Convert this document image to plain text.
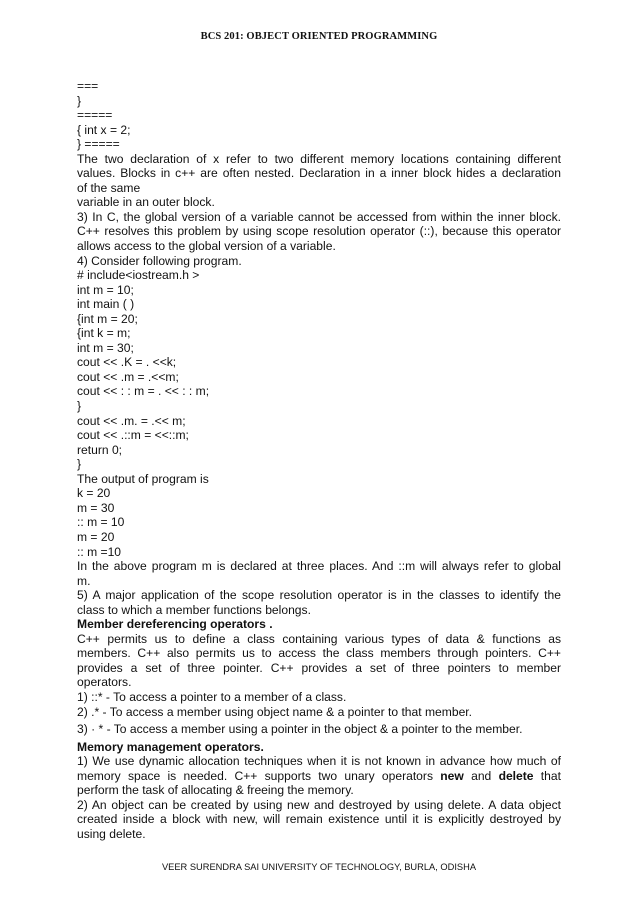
BCS 201: OBJECT ORIENTED PROGRAMMING
===
}
=====
{ int x = 2;
} =====
The two declaration of x refer to two different memory locations containing different
values. Blocks in c++ are often nested. Declaration in a inner block hides a declaration
of the same
variable in an outer block.
3) In C, the global version of a variable cannot be accessed from within the inner block.
C++ resolves this problem by using scope resolution operator (::), because this operator
allows access to the global version of a variable.
4) Consider following program.
# include<iostream.h >
int m = 10;
int main ( )
{int m = 20;
{int k = m;
int m = 30;
cout << .K = . <<k;
cout << .m = .<<m;
cout << : : m = . << : : m;
}
cout << .m. = .<< m;
cout << .::m = <<::m;
return 0;
}
The output of program is
k = 20
m = 30
:: m = 10
m = 20
:: m =10
In the above program m is declared at three places. And ::m will always refer to global
m.
5) A major application of the scope resolution operator is in the classes to identify the
class to which a member functions belongs.
Member dereferencing operators .
C++ permits us to define a class containing various types of data & functions as
members. C++ also permits us to access the class members through pointers. C++
provides a set of three pointer. C++ provides a set of three pointers to member
operators.
1) ::* - To access a pointer to a member of a class.
2) .* - To access a member using object name & a pointer to that member.
3) · * - To access a member using a pointer in the object & a pointer to the member.
Memory management operators.
1) We use dynamic allocation techniques when it is not known in advance how much of
memory space is needed. C++ supports two unary operators new and delete that
perform the task of allocating & freeing the memory.
2) An object can be created by using new and destroyed by using delete. A data object
created inside a block with new, will remain existence until it is explicitly destroyed by
using delete.
VEER SURENDRA SAI UNIVERSITY OF TECHNOLOGY, BURLA, ODISHA
